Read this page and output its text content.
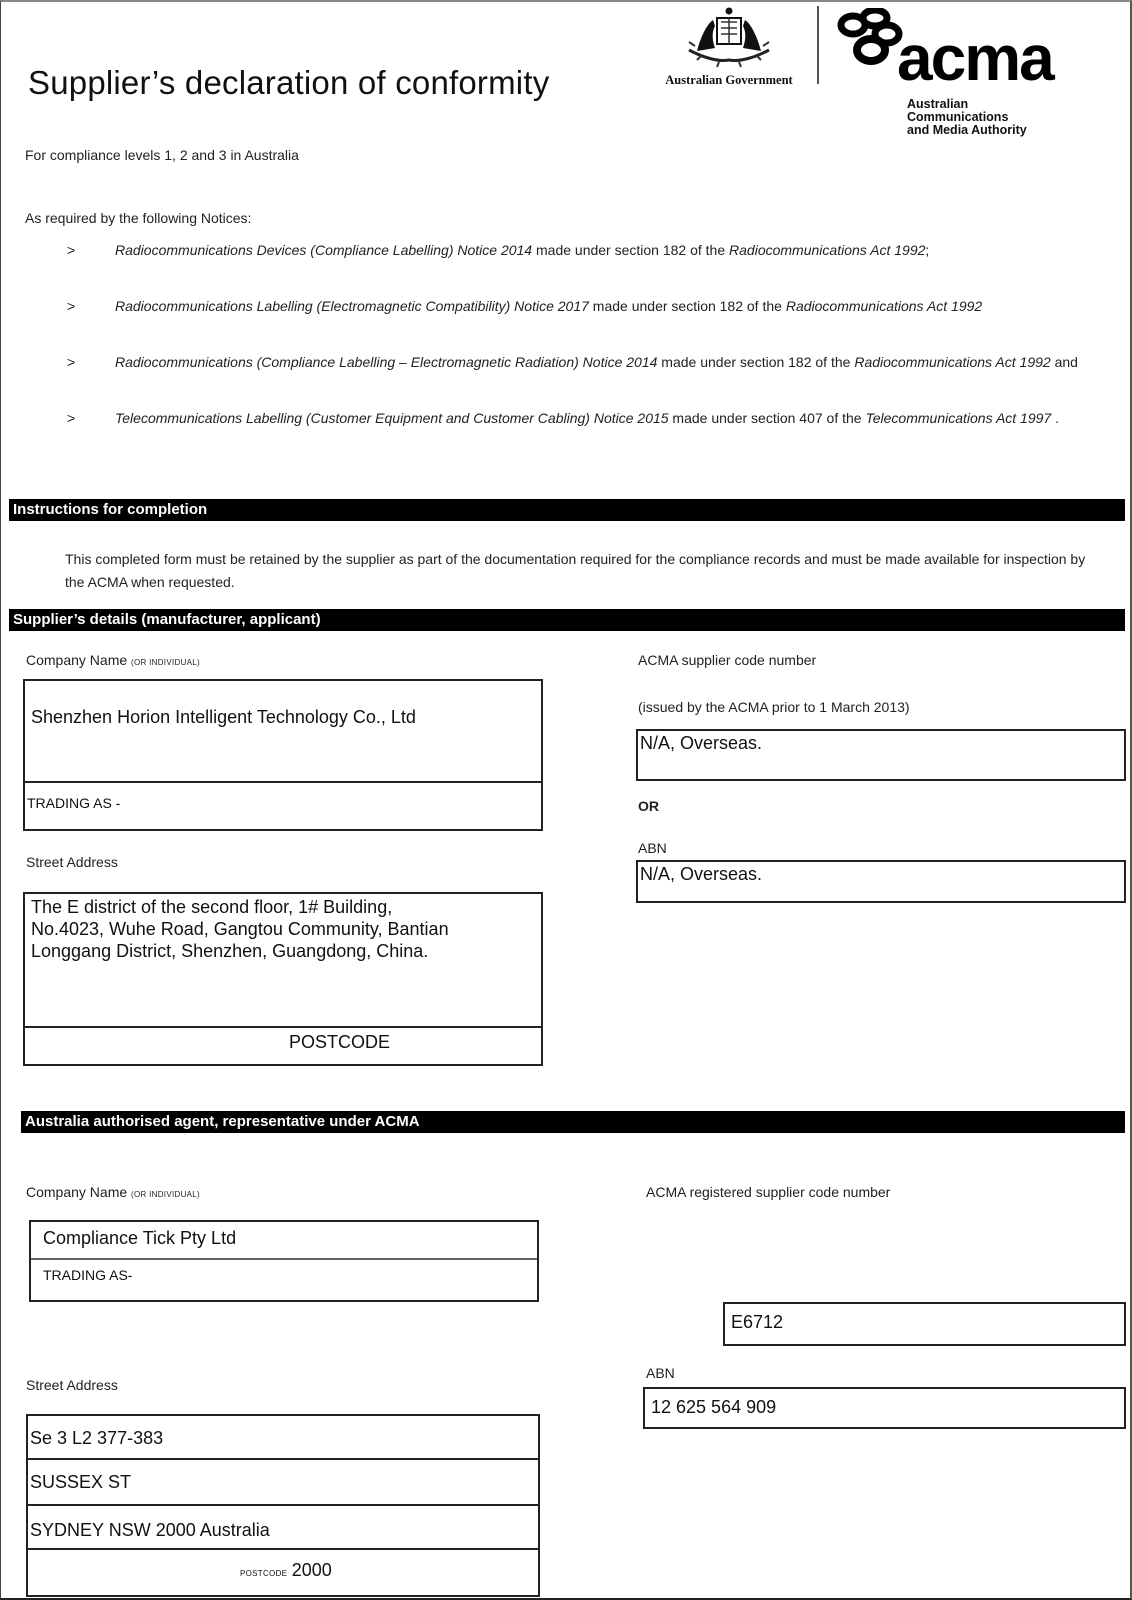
Supplier’s declaration of conformity
For compliance levels 1, 2 and 3 in Australia
Australian Government acma
Australian
Communications
and Media Authority
As required by the following Notices:
>	Radiocommunications Devices (Compliance Labelling) Notice 2014 made under section 182 of the Radiocommunications Act 1992;
>	Radiocommunications Labelling (Electromagnetic Compatibility) Notice 2017 made under section 182 of the Radiocommunications Act 1992
>	Radiocommunications (Compliance Labelling – Electromagnetic Radiation) Notice 2014 made under section 182 of the Radiocommunications Act 1992 and
>	Telecommunications Labelling (Customer Equipment and Customer Cabling) Notice 2015 made under section 407 of the Telecommunications Act 1997 .
Instructions for completion
This completed form must be retained by the supplier as part of the documentation required for the compliance records and must be made available for inspection by the ACMA when requested.
Supplier’s details (manufacturer, applicant)
Company Name (OR INDIVIDUAL)
Shenzhen Horion Intelligent Technology Co., Ltd
TRADING AS -
Street Address
The E district of the second floor, 1# Building,
No.4023, Wuhe Road, Gangtou Community, Bantian
Longgang District, Shenzhen, Guangdong, China.
POSTCODE
ACMA supplier code number
(issued by the ACMA prior to 1 March 2013)
N/A, Overseas.
OR
ABN
N/A, Overseas.
Australia authorised agent, representative under ACMA
Company Name (OR INDIVIDUAL)
Compliance Tick Pty Ltd
TRADING AS-
ACMA registered supplier code number
E6712
ABN
12 625 564 909
Street Address
Se 3 L2 377-383
SUSSEX ST
SYDNEY NSW 2000 Australia
POSTCODE 2000
